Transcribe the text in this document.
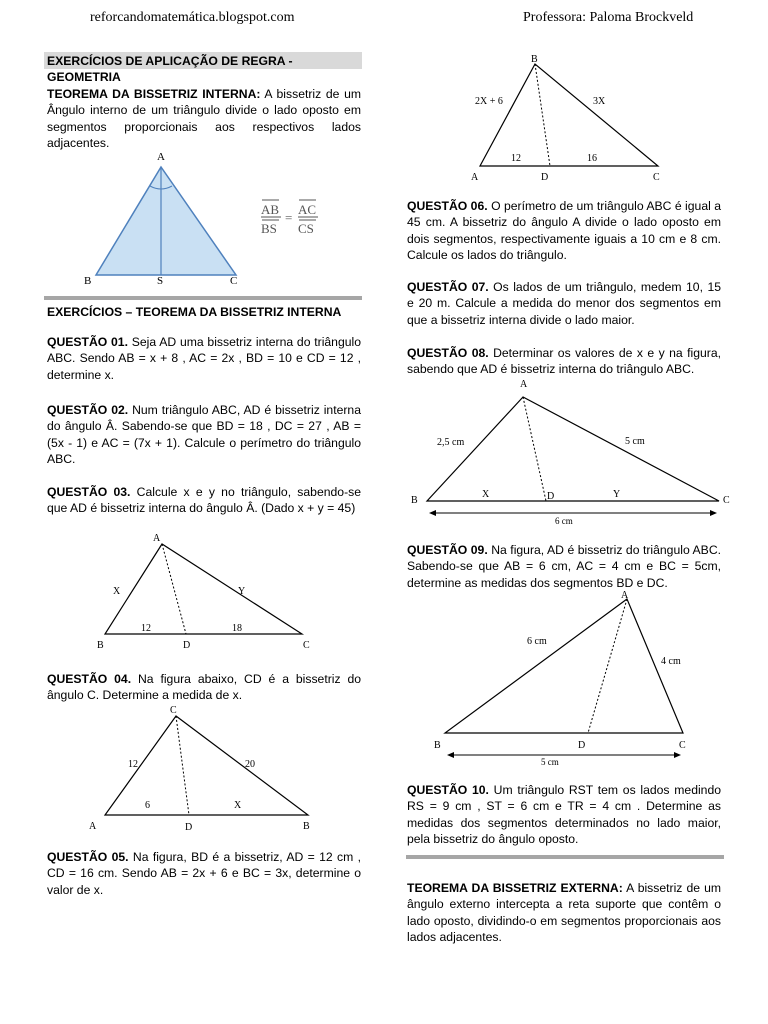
reforcandomatemática.blogspot.com	Professora: Paloma Brockveld
EXERCÍCIOS DE APLICAÇÃO DE REGRA - GEOMETRIA
TEOREMA DA BISSETRIZ INTERNA: A bissetriz de um Ângulo interno de um triângulo divide o lado oposto em segmentos proporcionais aos respectivos lados adjacentes.
A
B	S	C
AB
BS
=
AC
CS
EXERCÍCIOS – TEOREMA DA BISSETRIZ INTERNA
QUESTÃO 01. Seja AD uma bissetriz interna do triângulo ABC. Sendo AB = x + 8 , AC = 2x , BD = 10 e CD = 12 , determine x.
QUESTÃO 02. Num triângulo ABC, AD é bissetriz interna do ângulo Â. Sabendo-se que BD = 18 , DC = 27 , AB = (5x - 1) e AC = (7x + 1). Calcule o perímetro do triângulo ABC.
QUESTÃO 03. Calcule x e y no triângulo, sabendo-se que AD é bissetriz interna do ângulo Â. (Dado x + y = 45)
A
B	D	C
X	Y
12	18
QUESTÃO 04. Na figura abaixo, CD é a bissetriz do ângulo C. Determine a medida de x.
C
A	D	B
12	20
6	X
QUESTÃO 05. Na figura, BD é a bissetriz, AD = 12 cm , CD = 16 cm. Sendo AB = 2x + 6 e BC = 3x, determine o valor de x.
B
A	D	C
2X + 6	3X
12	16
QUESTÃO 06. O perímetro de um triângulo ABC é igual a 45 cm. A bissetriz do ângulo A divide o lado oposto em dois segmentos, respectivamente iguais a 10 cm e 8 cm. Calcule os lados do triângulo.
QUESTÃO 07. Os lados de um triângulo, medem 10, 15 e 20 m. Calcule a medida do menor dos segmentos em que a bissetriz interna divide o lado maior.
QUESTÃO 08. Determinar os valores de x e y na figura, sabendo que AD é bissetriz interna do triângulo ABC.
A
B	D	C
2,5 cm	5 cm
X	Y
6 cm
QUESTÃO 09. Na figura, AD é bissetriz do triângulo ABC. Sabendo-se que AB = 6 cm, AC = 4 cm e BC = 5cm, determine as medidas dos segmentos BD e DC.
A
B	D	C
6 cm
4 cm
5 cm
QUESTÃO 10. Um triângulo RST tem os lados medindo RS = 9 cm , ST = 6 cm e TR = 4 cm . Determine as medidas dos segmentos determinados no lado maior, pela bissetriz do ângulo oposto.
TEOREMA DA BISSETRIZ EXTERNA: A bissetriz de um ângulo externo intercepta a reta suporte que contêm o lado oposto, dividindo-o em segmentos proporcionais aos lados adjacentes.
